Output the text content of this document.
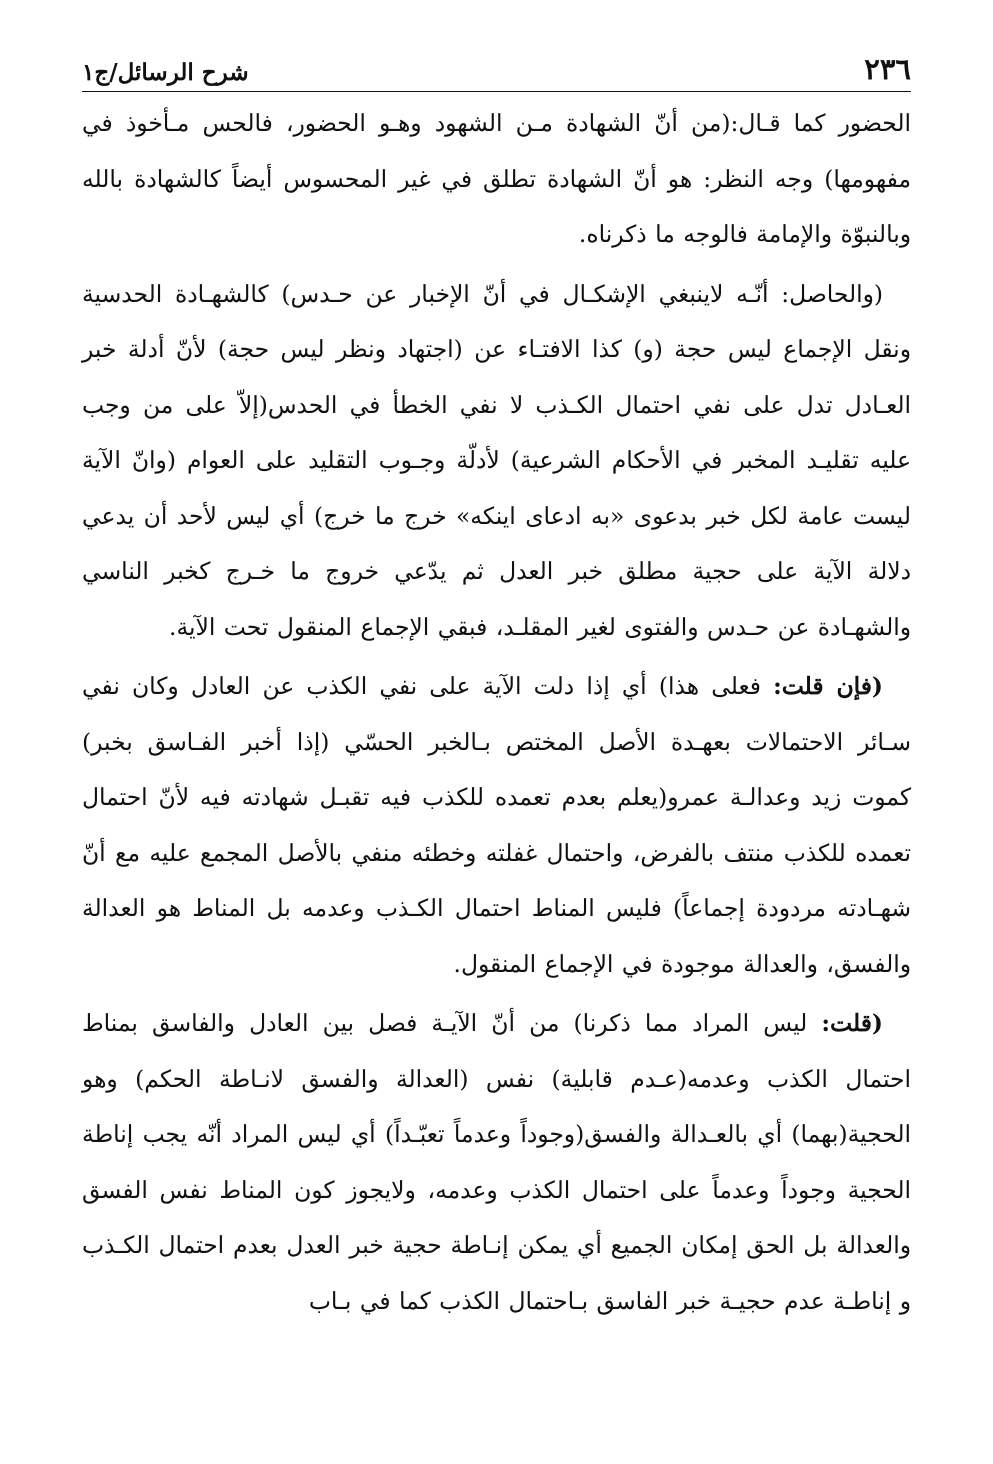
٢٣٦
شرح الرسائل/ج١

الحضور كما قـال:(من أنّ الشهادة مـن الشهود وهـو الحضور، فالحس مـأخوذ في مفهومها) وجه النظر: هو أنّ الشهادة تطلق في غير المحسوس أيضاً كالشهادة بالله وبالنبوّة والإمامة فالوجه ما ذكرناه.

(والحاصل: أنّـه لاينبغي الإشكـال في أنّ الإخبار عن حـدس) كالشهـادة الحدسية ونقل الإجماع ليس حجة (و) كذا الافتـاء عن (اجتهاد ونظر ليس حجة) لأنّ أدلة خبر العـادل تدل على نفي احتمال الكـذب لا نفي الخطأ في الحدس(إلاّ على من وجب عليه تقليـد المخبر في الأحكام الشرعية) لأدلّة وجـوب التقليد على العوام (وانّ الآية ليست عامة لكل خبر بدعوى «به ادعاى اينكه» خرج ما خرج) أي ليس لأحد أن يدعي دلالة الآية على حجية مطلق خبر العدل ثم يدّعي خروج ما خـرج كخبر الناسي والشهـادة عن حـدس والفتوى لغير المقلـد، فبقي الإجماع المنقول تحت الآية.

(فإن قلت: فعلى هذا) أي إذا دلت الآية على نفي الكذب عن العادل وكان نفي سـائر الاحتمالات بعهـدة الأصل المختص بـالخبر الحسّي (إذا أخبر الفـاسق بخبر) كموت زيد وعدالـة عمرو(يعلم بعدم تعمده للكذب فيه تقبـل شهادته فيه لأنّ احتمال تعمده للكذب منتف بالفرض، واحتمال غفلته وخطئه منفي بالأصل المجمع عليه مع أنّ شهـادته مردودة إجماعاً) فليس المناط احتمال الكـذب وعدمه بل المناط هو العدالة والفسق، والعدالة موجودة في الإجماع المنقول.

(قلت: ليس المراد مما ذكرنا) من أنّ الآيـة فصل بين العادل والفاسق بمناط احتمال الكذب وعدمه(عـدم قابلية) نفس (العدالة والفسق لانـاطة الحكم) وهو الحجية(بهما) أي بالعـدالة والفسق(وجوداً وعدماً تعبّـداً) أي ليس المراد أنّه يجب إناطة الحجية وجوداً وعدماً على احتمال الكذب وعدمه، ولايجوز كون المناط نفس الفسق والعدالة بل الحق إمكان الجميع أي يمكن إنـاطة حجية خبر العدل بعدم احتمال الكـذب و إناطـة عدم حجيـة خبر الفاسق بـاحتمال الكذب كما في بـاب
